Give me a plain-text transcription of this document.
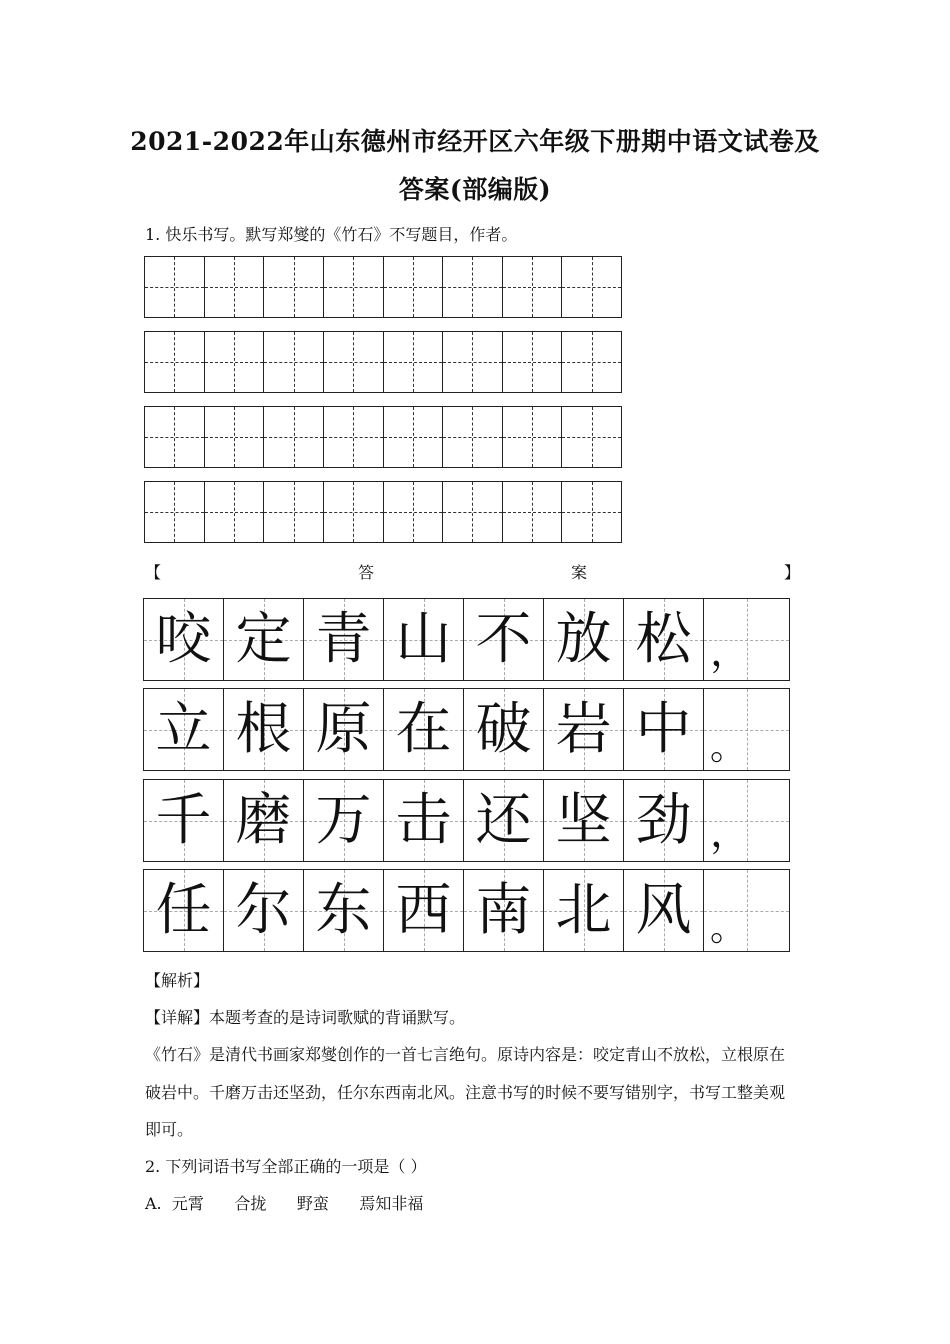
2021-2022年山东德州市经开区六年级下册期中语文试卷及
答案(部编版)
1. 快乐书写。默写郑燮的《竹石》不写题目，作者。
【	答	案	】
咬 定 青 山 不 放 松 ，
立 根 原 在 破 岩 中 。
千 磨 万 击 还 坚 劲 ，
任 尔 东 西 南 北 风 。
【解析】
【详解】本题考查的是诗词歌赋的背诵默写。
《竹石》是清代书画家郑燮创作的一首七言绝句。原诗内容是：咬定青山不放松，立根原在
破岩中。千磨万击还坚劲，任尔东西南北风。注意书写的时候不要写错别字，书写工整美观
即可。
2. 下列词语书写全部正确的一项是（ ）
A.  元霄      合拢      野蛮      焉知非福
